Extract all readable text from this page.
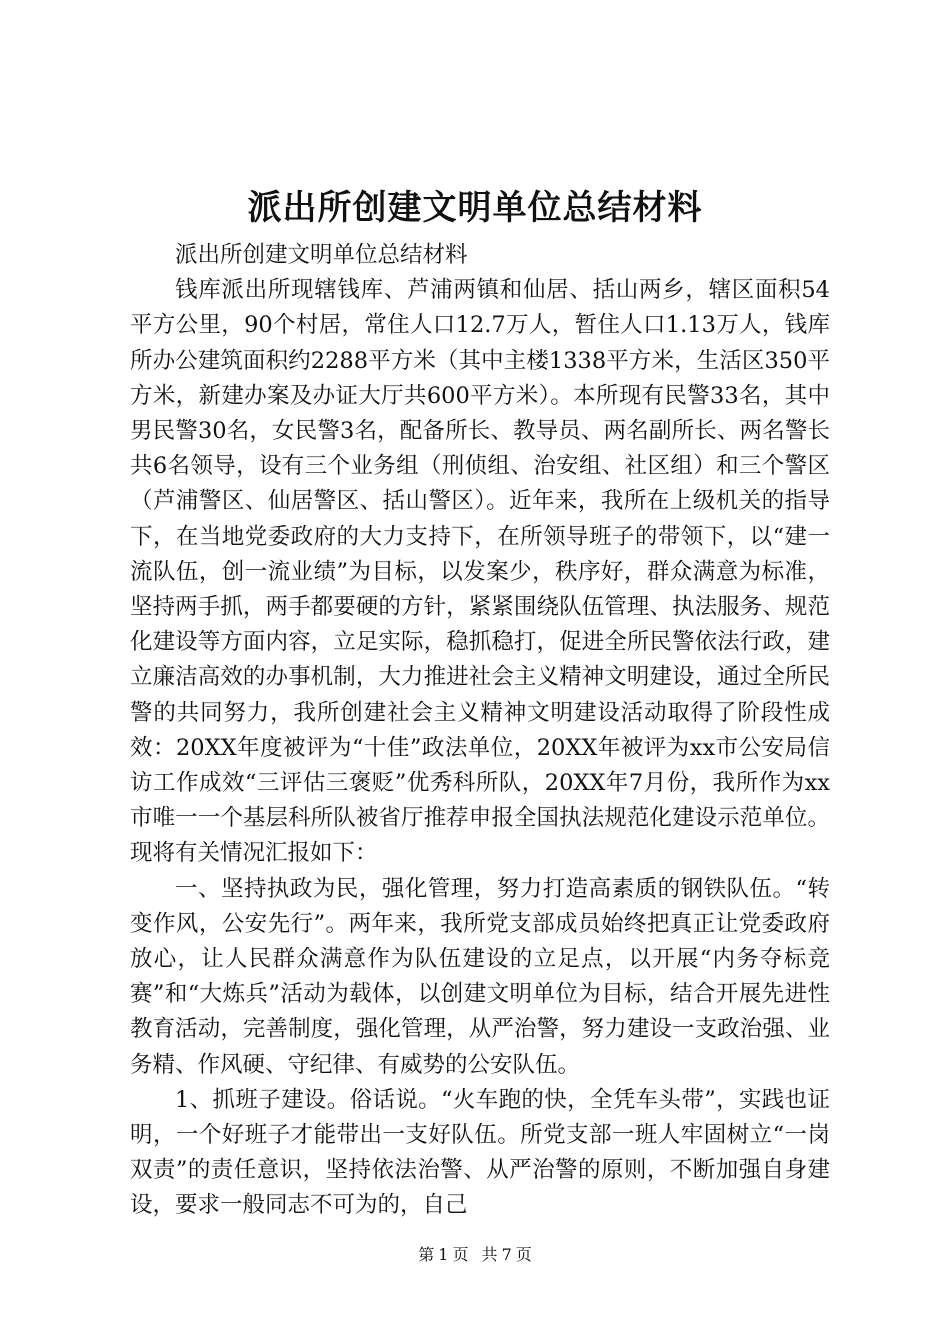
派出所创建文明单位总结材料

派出所创建文明单位总结材料

钱库派出所现辖钱库、芦浦两镇和仙居、括山两乡，辖区面积54平方公里，90个村居，常住人口12.7万人，暂住人口1.13万人，钱库所办公建筑面积约2288平方米（其中主楼1338平方米，生活区350平方米，新建办案及办证大厅共600平方米）。本所现有民警33名，其中男民警30名，女民警3名，配备所长、教导员、两名副所长、两名警长共6名领导，设有三个业务组（刑侦组、治安组、社区组）和三个警区（芦浦警区、仙居警区、括山警区）。近年来，我所在上级机关的指导下，在当地党委政府的大力支持下，在所领导班子的带领下，以“建一流队伍，创一流业绩”为目标，以发案少，秩序好，群众满意为标准，坚持两手抓，两手都要硬的方针，紧紧围绕队伍管理、执法服务、规范化建设等方面内容，立足实际，稳抓稳打，促进全所民警依法行政，建立廉洁高效的办事机制，大力推进社会主义精神文明建设，通过全所民警的共同努力，我所创建社会主义精神文明建设活动取得了阶段性成效：20XX年度被评为“十佳”政法单位，20XX年被评为xx市公安局信访工作成效“三评估三褒贬”优秀科所队，20XX年7月份，我所作为xx市唯一一个基层科所队被省厅推荐申报全国执法规范化建设示范单位。现将有关情况汇报如下：

一、坚持执政为民，强化管理，努力打造高素质的钢铁队伍。“转变作风，公安先行”。两年来，我所党支部成员始终把真正让党委政府放心，让人民群众满意作为队伍建设的立足点，以开展“内务夺标竞赛”和“大炼兵”活动为载体，以创建文明单位为目标，结合开展先进性教育活动，完善制度，强化管理，从严治警，努力建设一支政治强、业务精、作风硬、守纪律、有威势的公安队伍。

1、抓班子建设。俗话说。“火车跑的快，全凭车头带”，实践也证明，一个好班子才能带出一支好队伍。所党支部一班人牢固树立“一岗双责”的责任意识，坚持依法治警、从严治警的原则，不断加强自身建设，要求一般同志不可为的，自己

第 1 页 共 7 页
